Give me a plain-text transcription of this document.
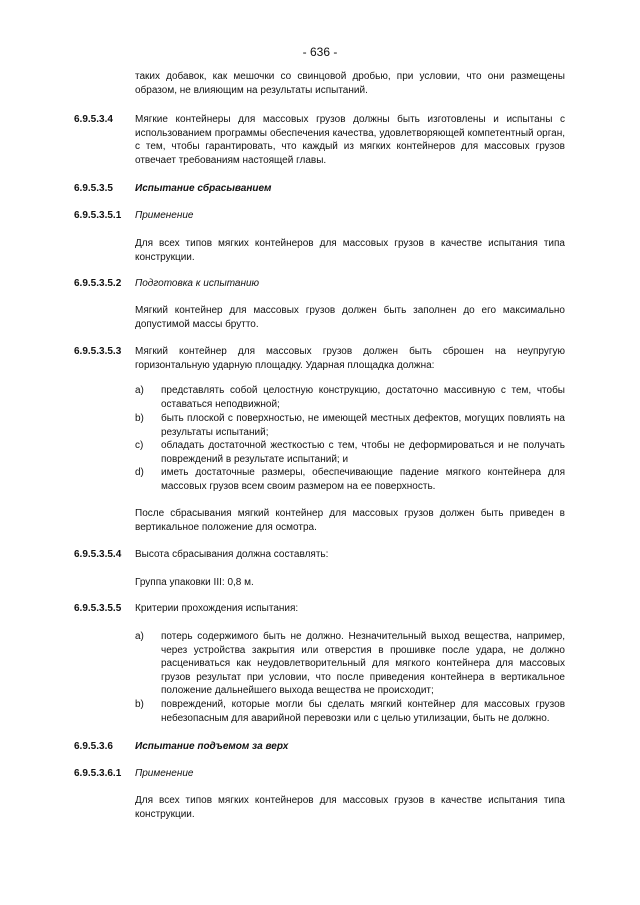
- 636 -
таких добавок, как мешочки со свинцовой дробью, при условии, что они размещены образом, не влияющим на результаты испытаний.
6.9.5.3.4 Мягкие контейнеры для массовых грузов должны быть изготовлены и испытаны с использованием программы обеспечения качества, удовлетворяющей компетентный орган, с тем, чтобы гарантировать, что каждый из мягких контейнеров для массовых грузов отвечает требованиям настоящей главы.
6.9.5.3.5 Испытание сбрасыванием
6.9.5.3.5.1 Применение
Для всех типов мягких контейнеров для массовых грузов в качестве испытания типа конструкции.
6.9.5.3.5.2 Подготовка к испытанию
Мягкий контейнер для массовых грузов должен быть заполнен до его максимально допустимой массы брутто.
6.9.5.3.5.3 Мягкий контейнер для массовых грузов должен быть сброшен на неупругую горизонтальную ударную площадку. Ударная площадка должна:
a) представлять собой целостную конструкцию, достаточно массивную с тем, чтобы оставаться неподвижной;
b) быть плоской с поверхностью, не имеющей местных дефектов, могущих повлиять на результаты испытаний;
c) обладать достаточной жесткостью с тем, чтобы не деформироваться и не получать повреждений в результате испытаний; и
d) иметь достаточные размеры, обеспечивающие падение мягкого контейнера для массовых грузов всем своим размером на ее поверхность.
После сбрасывания мягкий контейнер для массовых грузов должен быть приведен в вертикальное положение для осмотра.
6.9.5.3.5.4 Высота сбрасывания должна составлять:
Группа упаковки III: 0,8 м.
6.9.5.3.5.5 Критерии прохождения испытания:
a) потерь содержимого быть не должно. Незначительный выход вещества, например, через устройства закрытия или отверстия в прошивке после удара, не должно расцениваться как неудовлетворительный для мягкого контейнера для массовых грузов результат при условии, что после приведения контейнера в вертикальное положение дальнейшего выхода вещества не происходит;
b) повреждений, которые могли бы сделать мягкий контейнер для массовых грузов небезопасным для аварийной перевозки или с целью утилизации, быть не должно.
6.9.5.3.6 Испытание подъемом за верх
6.9.5.3.6.1 Применение
Для всех типов мягких контейнеров для массовых грузов в качестве испытания типа конструкции.
